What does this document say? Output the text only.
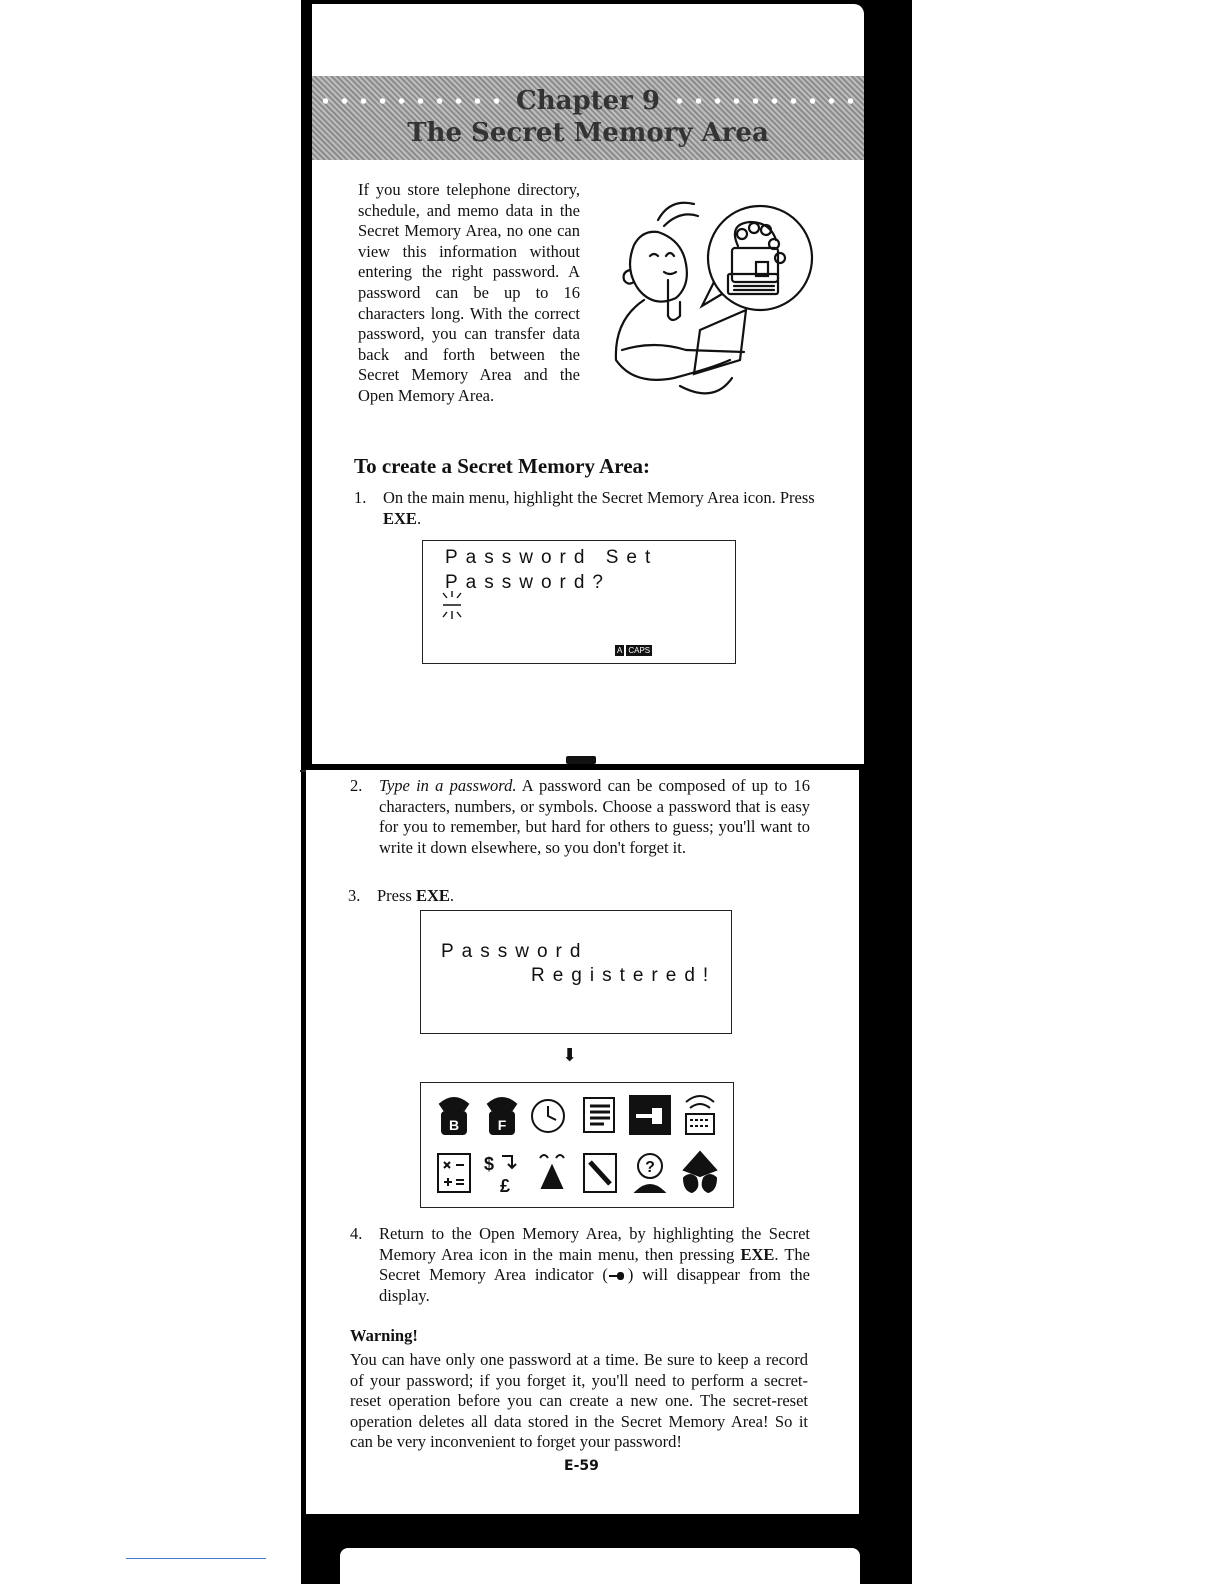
Chapter 9
The Secret Memory Area
If you store telephone directory, schedule, and memo data in the Secret Memory Area, no one can view this information without entering the right password. A password can be up to 16 characters long. With the correct password, you can transfer data back and forth between the Secret Memory Area and the Open Memory Area.
To create a Secret Memory Area:
1.	On the main menu, highlight the Secret Memory Area icon. Press EXE.
Password Set
Password?
A CAPS
2.	Type in a password. A password can be composed of up to 16 characters, numbers, or symbols. Choose a password that is easy for you to remember, but hard for others to guess; you'll want to write it down elsewhere, so you don't forget it.
3.	Press EXE.
Password
Registered!
⬇
4.	Return to the Open Memory Area, by highlighting the Secret Memory Area icon in the main menu, then pressing EXE. The Secret Memory Area indicator ( ) will disappear from the display.
Warning!
You can have only one password at a time. Be sure to keep a record of your password; if you forget it, you'll need to perform a secret-reset operation before you can create a new one. The secret-reset operation deletes all data stored in the Secret Memory Area! So it can be very inconvenient to forget your password!
E-59
B	F
$
£
?
